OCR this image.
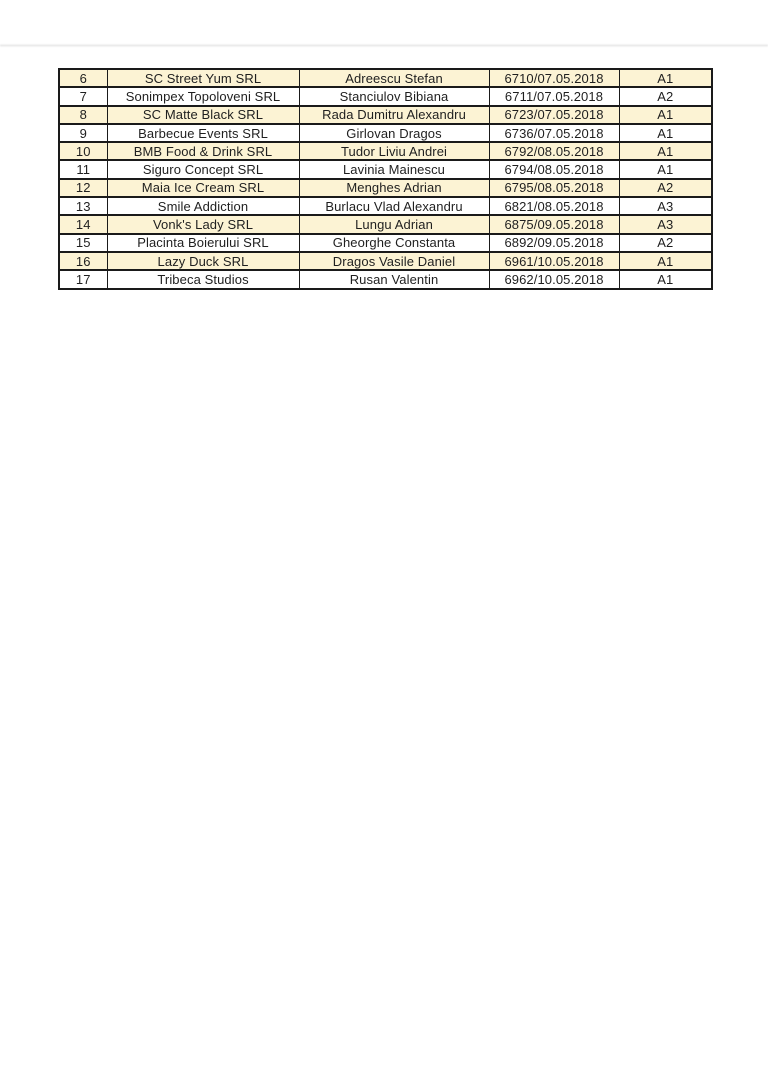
6	SC Street Yum SRL	Adreescu Stefan	6710/07.05.2018	A1
7	Sonimpex Topoloveni SRL	Stanciulov Bibiana	6711/07.05.2018	A2
8	SC Matte Black SRL	Rada Dumitru Alexandru	6723/07.05.2018	A1
9	Barbecue Events SRL	Girlovan Dragos	6736/07.05.2018	A1
10	BMB Food & Drink SRL	Tudor Liviu Andrei	6792/08.05.2018	A1
11	Siguro Concept SRL	Lavinia Mainescu	6794/08.05.2018	A1
12	Maia Ice Cream SRL	Menghes Adrian	6795/08.05.2018	A2
13	Smile Addiction	Burlacu Vlad Alexandru	6821/08.05.2018	A3
14	Vonk's Lady SRL	Lungu Adrian	6875/09.05.2018	A3
15	Placinta Boierului SRL	Gheorghe Constanta	6892/09.05.2018	A2
16	Lazy Duck SRL	Dragos Vasile Daniel	6961/10.05.2018	A1
17	Tribeca Studios	Rusan Valentin	6962/10.05.2018	A1
